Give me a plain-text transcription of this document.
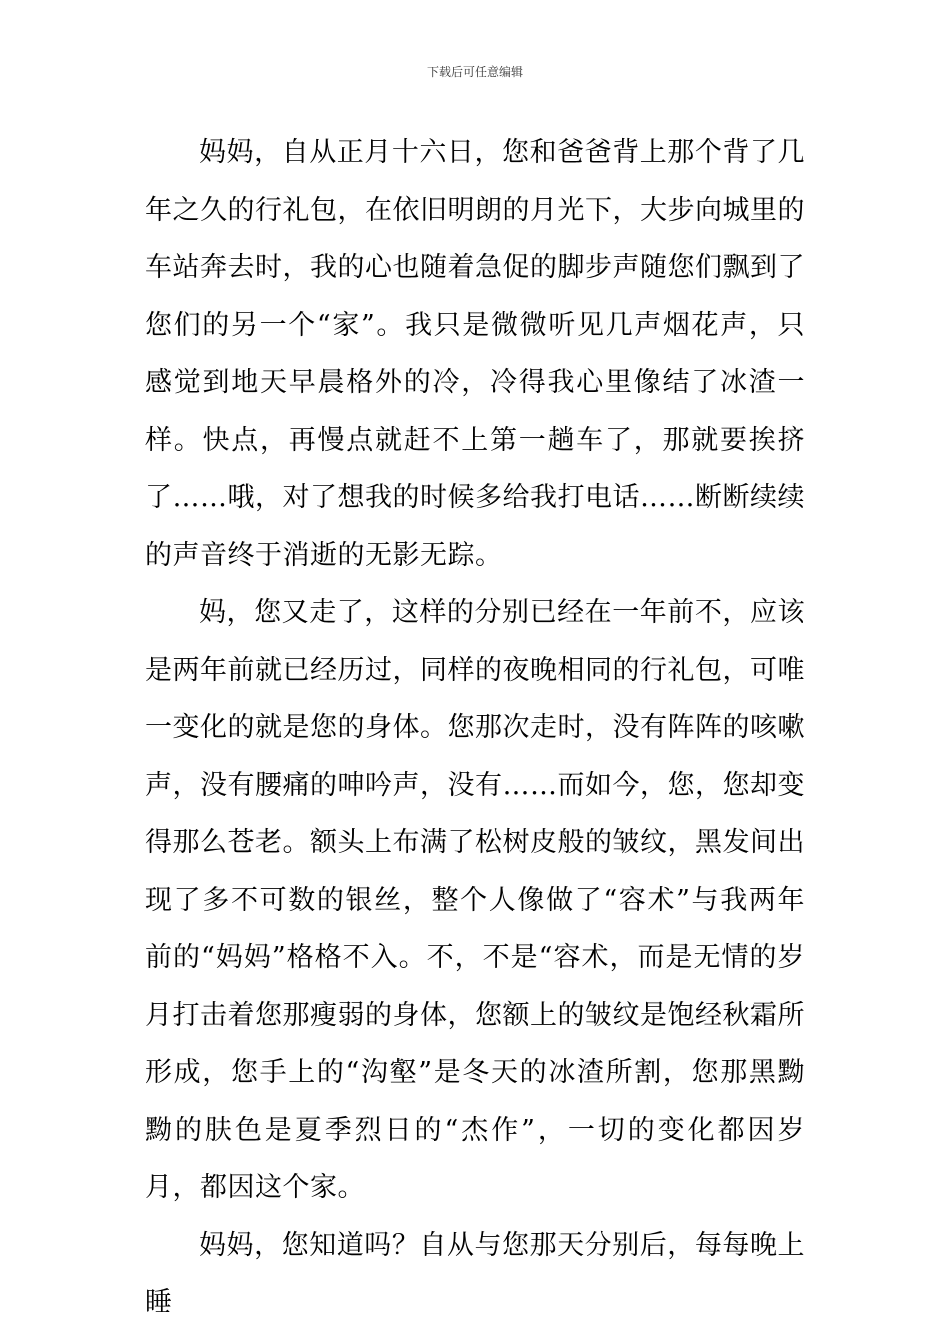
下载后可任意编辑

妈妈，自从正月十六日，您和爸爸背上那个背了几年之久的行礼包，在依旧明朗的月光下，大步向城里的车站奔去时，我的心也随着急促的脚步声随您们飘到了您们的另一个“家”。我只是微微听见几声烟花声，只感觉到地天早晨格外的冷，冷得我心里像结了冰渣一样。快点，再慢点就赶不上第一趟车了，那就要挨挤了……哦，对了想我的时候多给我打电话……断断续续的声音终于消逝的无影无踪。

妈，您又走了，这样的分别已经在一年前不，应该是两年前就已经历过，同样的夜晚相同的行礼包，可唯一变化的就是您的身体。您那次走时，没有阵阵的咳嗽声，没有腰痛的呻吟声，没有……而如今，您，您却变得那么苍老。额头上布满了松树皮般的皱纹，黑发间出现了多不可数的银丝，整个人像做了“容术”与我两年前的“妈妈”格格不入。不，不是“容术，而是无情的岁月打击着您那瘦弱的身体，您额上的皱纹是饱经秋霜所形成，您手上的“沟壑”是冬天的冰渣所割，您那黑黝黝的肤色是夏季烈日的“杰作”，一切的变化都因岁月，都因这个家。

妈妈，您知道吗？自从与您那天分别后，每每晚上睡
